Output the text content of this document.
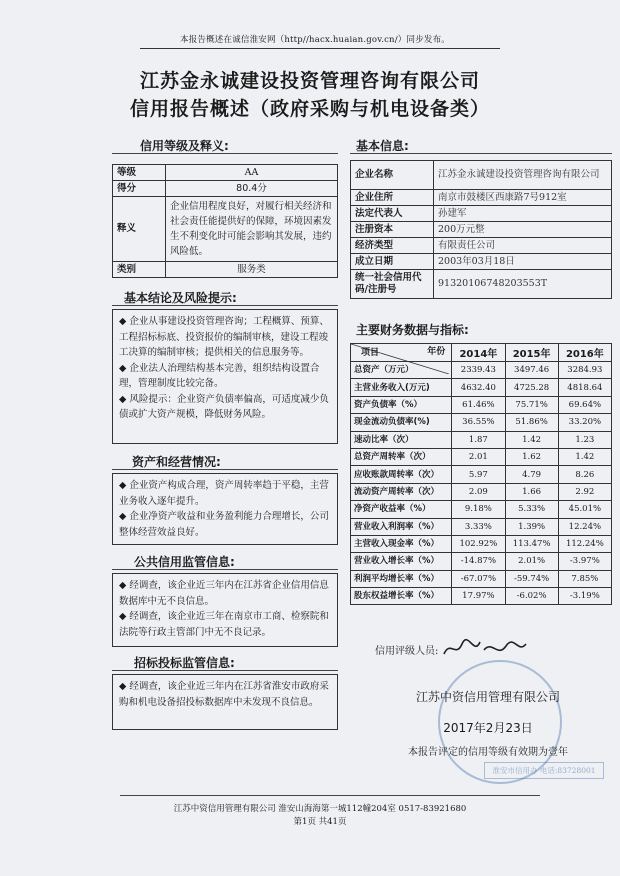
本报告概述在诚信淮安网（http//hacx.huaian.gov.cn/）同步发布。
江苏金永诚建设投资管理咨询有限公司
信用报告概述（政府采购与机电设备类）
信用等级及释义:
等级	AA
得分	80.4分
释义	企业信用程度良好，对履行相关经济和社会责任能提供好的保障，环境因素发生不利变化时可能会影响其发展，违约风险低。
类别	服务类
基本结论及风险提示:

◆ 企业从事建设投资管理咨询；工程概算、预算、工程招标标底、投资报价的编制审核，建设工程竣工决算的编制审核；提供相关的信息服务等。

◆ 企业法人治理结构基本完善，组织结构设置合理，管理制度比较完备。

◆ 风险提示：企业资产负债率偏高，可适度减少负债或扩大资产规模，降低财务风险。

资产和经营情况:

◆ 企业资产构成合理，资产周转率趋于平稳，主营业务收入逐年提升。

◆ 企业净资产收益和业务盈利能力合理增长，公司整体经营效益良好。

公共信用监管信息:

◆ 经调查，该企业近三年内在江苏省企业信用信息数据库中无不良信息。

◆ 经调查，该企业近三年在南京市工商、检察院和法院等行政主管部门中无不良记录。

招标投标监管信息:

◆ 经调查，该企业近三年内在江苏省淮安市政府采购和机电设备招投标数据库中未发现不良信息。

基本信息:
企业名称	江苏金永诚建设投资管理咨询有限公司
企业住所	南京市鼓楼区西康路7号912室
法定代表人	孙建军
注册资本	200万元整
经济类型	有限责任公司
成立日期	2003年03月18日
统一社会信用代码/注册号	91320106748203553T
主要财务数据与指标:
年份
项目	2014年	2015年	2016年
总资产（万元）	2339.43	3497.46	3284.93
主营业务收入(万元)	4632.40	4725.28	4818.64
资产负债率（%）	61.46%	75.71%	69.64%
现金流动负债率(%)	36.55%	51.86%	33.20%
速动比率（次）	1.87	1.42	1.23
总资产周转率（次）	2.01	1.62	1.42
应收账款周转率（次）	5.97	4.79	8.26
流动资产周转率（次）	2.09	1.66	2.92
净资产收益率（%）	9.18%	5.33%	45.01%
营业收入利润率（%）	3.33%	1.39%	12.24%
主营收入现金率（%）	102.92%	113.47%	112.24%
营业收入增长率（%）	-14.87%	2.01%	-3.97%
利润平均增长率（%）	-67.07%	-59.74%	7.85%
股东权益增长率（%）	17.97%	-6.02%	-3.19%
信用评级人员:
江苏中资信用管理有限公司
2017年2月23日
本报告评定的信用等级有效期为壹年
淮安市信用办 电话:83728001
江苏中资信用管理有限公司 淮安山海海第一城112幢204室 0517-83921680
第1页 共41页
